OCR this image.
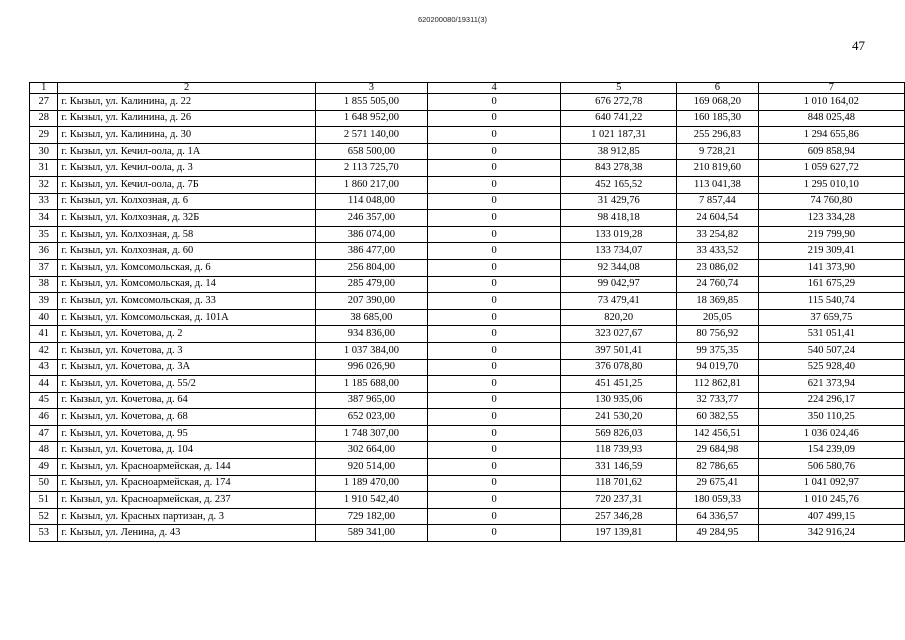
620200080/19311(3)
47
1	2	3	4	5	6	7
27	г. Кызыл, ул. Калинина, д. 22	1 855 505,00	0	676 272,78	169 068,20	1 010 164,02
28	г. Кызыл, ул. Калинина, д. 26	1 648 952,00	0	640 741,22	160 185,30	848 025,48
29	г. Кызыл, ул. Калинина, д. 30	2 571 140,00	0	1 021 187,31	255 296,83	1 294 655,86
30	г. Кызыл, ул. Кечил-оола, д. 1А	658 500,00	0	38 912,85	9 728,21	609 858,94
31	г. Кызыл, ул. Кечил-оола, д. 3	2 113 725,70	0	843 278,38	210 819,60	1 059 627,72
32	г. Кызыл, ул. Кечил-оола, д. 7Б	1 860 217,00	0	452 165,52	113 041,38	1 295 010,10
33	г. Кызыл, ул. Колхозная, д. 6	114 048,00	0	31 429,76	7 857,44	74 760,80
34	г. Кызыл, ул. Колхозная, д. 32Б	246 357,00	0	98 418,18	24 604,54	123 334,28
35	г. Кызыл, ул. Колхозная, д. 58	386 074,00	0	133 019,28	33 254,82	219 799,90
36	г. Кызыл, ул. Колхозная, д. 60	386 477,00	0	133 734,07	33 433,52	219 309,41
37	г. Кызыл, ул. Комсомольская, д. 6	256 804,00	0	92 344,08	23 086,02	141 373,90
38	г. Кызыл, ул. Комсомольская, д. 14	285 479,00	0	99 042,97	24 760,74	161 675,29
39	г. Кызыл, ул. Комсомольская, д. 33	207 390,00	0	73 479,41	18 369,85	115 540,74
40	г. Кызыл, ул. Комсомольская, д. 101А	38 685,00	0	820,20	205,05	37 659,75
41	г. Кызыл, ул. Кочетова, д. 2	934 836,00	0	323 027,67	80 756,92	531 051,41
42	г. Кызыл, ул. Кочетова, д. 3	1 037 384,00	0	397 501,41	99 375,35	540 507,24
43	г. Кызыл, ул. Кочетова, д. 3А	996 026,90	0	376 078,80	94 019,70	525 928,40
44	г. Кызыл, ул. Кочетова, д. 55/2	1 185 688,00	0	451 451,25	112 862,81	621 373,94
45	г. Кызыл, ул. Кочетова, д. 64	387 965,00	0	130 935,06	32 733,77	224 296,17
46	г. Кызыл, ул. Кочетова, д. 68	652 023,00	0	241 530,20	60 382,55	350 110,25
47	г. Кызыл, ул. Кочетова, д. 95	1 748 307,00	0	569 826,03	142 456,51	1 036 024,46
48	г. Кызыл, ул. Кочетова, д. 104	302 664,00	0	118 739,93	29 684,98	154 239,09
49	г. Кызыл, ул. Красноармейская, д. 144	920 514,00	0	331 146,59	82 786,65	506 580,76
50	г. Кызыл, ул. Красноармейская, д. 174	1 189 470,00	0	118 701,62	29 675,41	1 041 092,97
51	г. Кызыл, ул. Красноармейская, д. 237	1 910 542,40	0	720 237,31	180 059,33	1 010 245,76
52	г. Кызыл, ул. Красных партизан, д. 3	729 182,00	0	257 346,28	64 336,57	407 499,15
53	г. Кызыл, ул. Ленина, д. 43	589 341,00	0	197 139,81	49 284,95	342 916,24
